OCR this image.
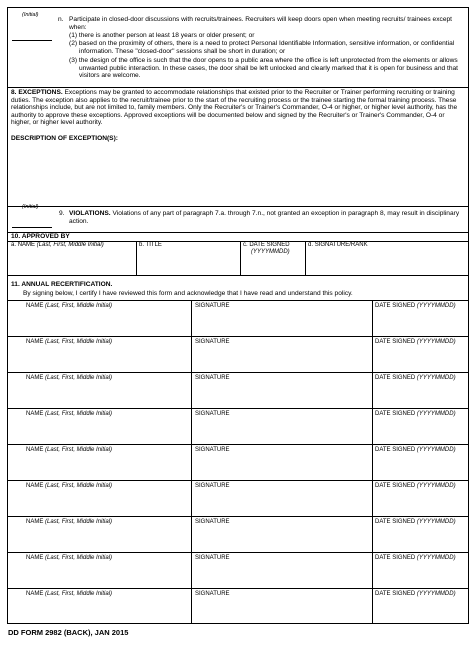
(Initial)
n. Participate in closed-door discussions with recruits/trainees. Recruiters will keep doors open when meeting recruits/ trainees except when:
(1) there is another person at least 18 years or older present; or
(2) based on the proximity of others, there is a need to protect Personal Identifiable Information, sensitive information, or confidential information. These "closed-door" sessions shall be short in duration; or
(3) the design of the office is such that the door opens to a public area where the office is left unprotected from the elements or allows unwanted public interaction. In these cases, the door shall be left unlocked and clearly marked that it is open for business and that visitors are welcome.
8. EXCEPTIONS. Exceptions may be granted to accommodate relationships that existed prior to the Recruiter or Trainer performing recruiting or training duties. The exception also applies to the recruit/trainee prior to the start of the recruiting process or the trainee starting the formal training process. These relationships include, but are not limited to, family members. Only the Recruiter's or Trainer's Commander, O-4 or higher, or higher level authority, has the authority to approve these exceptions. Approved exceptions will be documented below and signed by the Recruiter's or Trainer's Commander, O-4 or higher, or higher level authority.
DESCRIPTION OF EXCEPTION(S):
(Initial)
9. VIOLATIONS. Violations of any part of paragraph 7.a. through 7.n., not granted an exception in paragraph 8, may result in disciplinary action.
10. APPROVED BY
a. NAME (Last, First, Middle Initial)	b. TITLE	c. DATE SIGNED
(YYYYMMDD)
d. SIGNATURE/RANK
11. ANNUAL RECERTIFICATION.
By signing below, I certify I have reviewed this form and acknowledge that I have read and understand this policy.
NAME (Last, First, Middle Initial)	SIGNATURE	DATE SIGNED (YYYYMMDD)
NAME (Last, First, Middle Initial)	SIGNATURE	DATE SIGNED (YYYYMMDD)
NAME (Last, First, Middle Initial)	SIGNATURE	DATE SIGNED (YYYYMMDD)
NAME (Last, First, Middle Initial)	SIGNATURE	DATE SIGNED (YYYYMMDD)
NAME (Last, First, Middle Initial)	SIGNATURE	DATE SIGNED (YYYYMMDD)
NAME (Last, First, Middle Initial)	SIGNATURE	DATE SIGNED (YYYYMMDD)
NAME (Last, First, Middle Initial)	SIGNATURE	DATE SIGNED (YYYYMMDD)
NAME (Last, First, Middle Initial)	SIGNATURE	DATE SIGNED (YYYYMMDD)
NAME (Last, First, Middle Initial)	SIGNATURE	DATE SIGNED (YYYYMMDD)
DD FORM 2982 (BACK), JAN 2015
